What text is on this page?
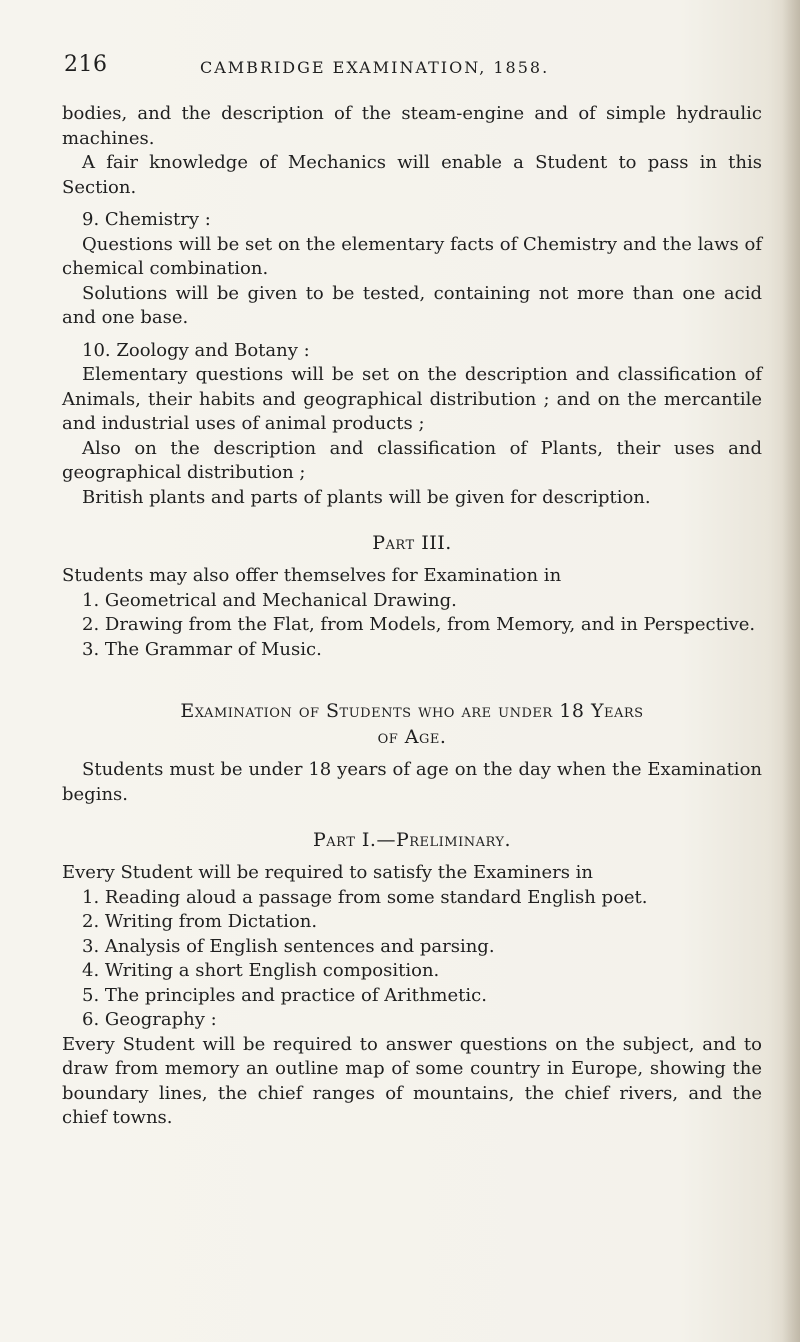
216	CAMBRIDGE EXAMINATION, 1858.

bodies, and the description of the steam-engine and of simple hydraulic machines.

A fair knowledge of Mechanics will enable a Student to pass in this Section.

9. Chemistry :

Questions will be set on the elementary facts of Chemistry and the laws of chemical combination.

Solutions will be given to be tested, containing not more than one acid and one base.

10. Zoology and Botany :

Elementary questions will be set on the description and classification of Animals, their habits and geographical distribution ; and on the mercantile and industrial uses of animal products ;

Also on the description and classification of Plants, their uses and geographical distribution ;

British plants and parts of plants will be given for description.

Part III.

Students may also offer themselves for Examination in

1. Geometrical and Mechanical Drawing.
2. Drawing from the Flat, from Models, from Memory, and in Perspective.
3. The Grammar of Music.

Examination of Students who are under 18 Years

of Age.

Students must be under 18 years of age on the day when the Examination begins.

Part I.—Preliminary.

Every Student will be required to satisfy the Examiners in

1. Reading aloud a passage from some standard English poet.
2. Writing from Dictation.
3. Analysis of English sentences and parsing.
4. Writing a short English composition.
5. The principles and practice of Arithmetic.
6. Geography :

Every Student will be required to answer questions on the subject, and to draw from memory an outline map of some country in Europe, showing the boundary lines, the chief ranges of mountains, the chief rivers, and the chief towns.
